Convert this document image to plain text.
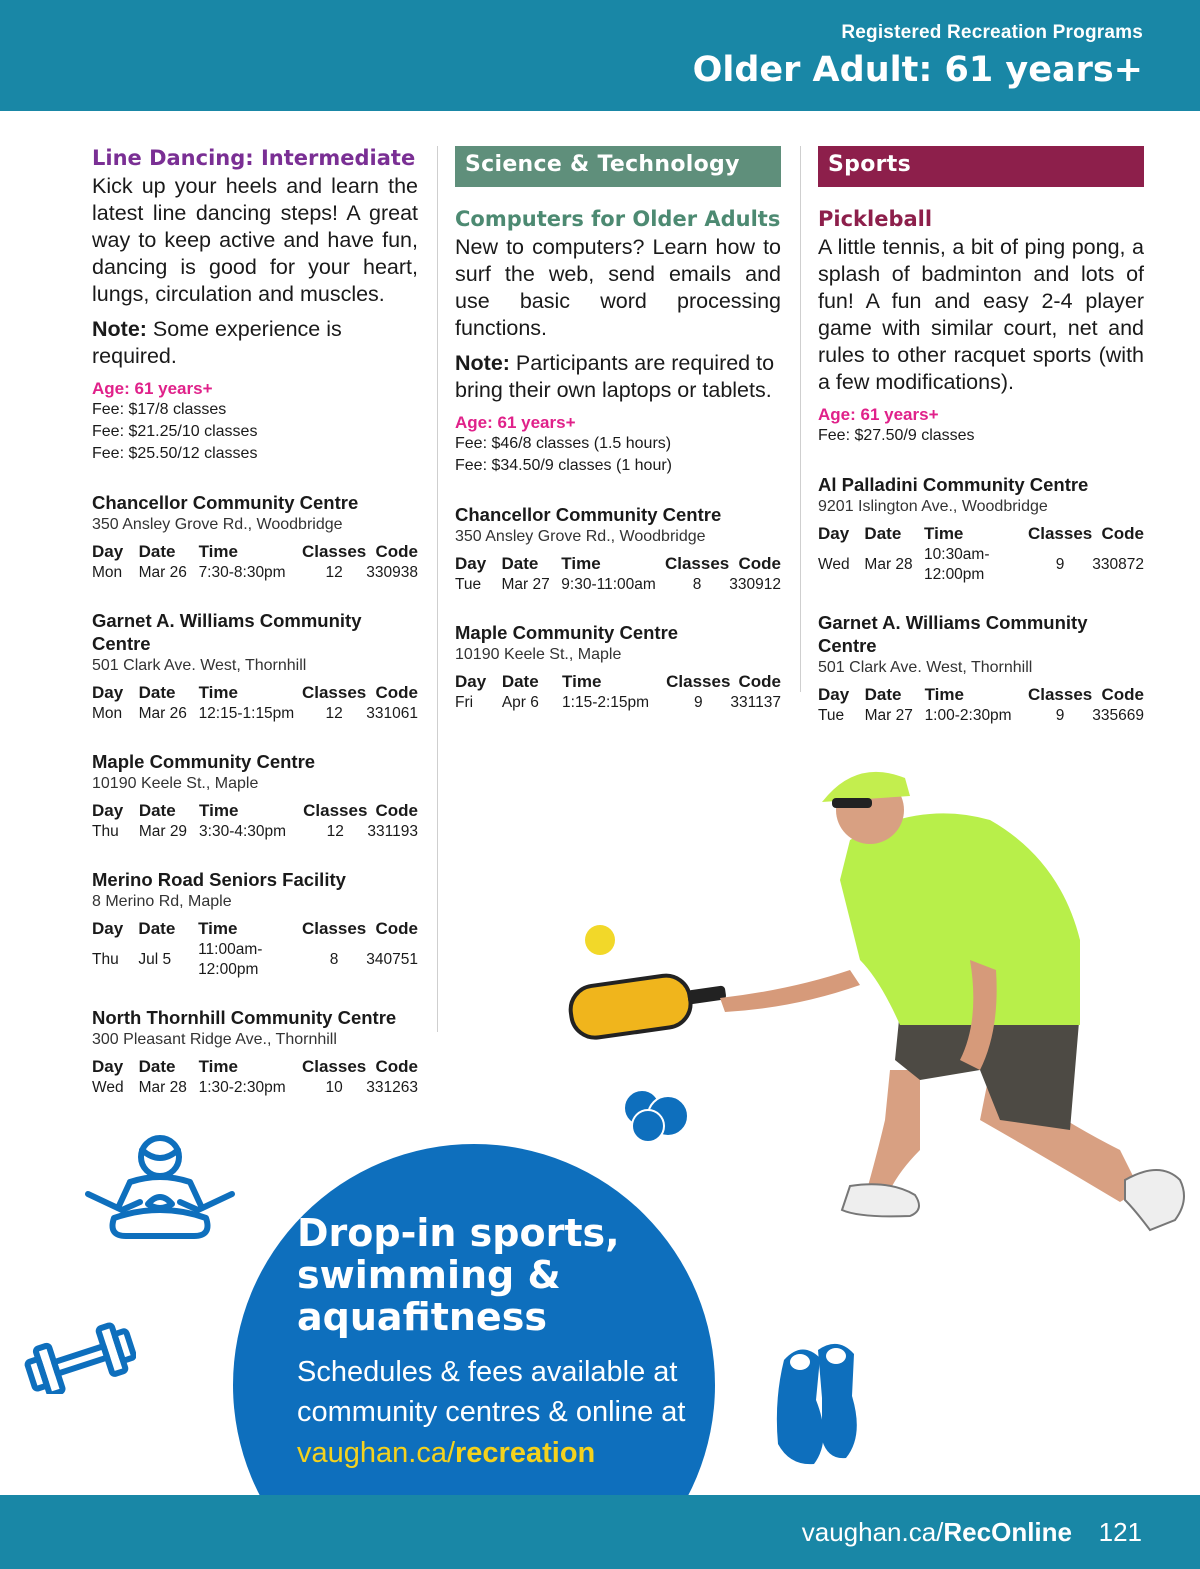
Registered Recreation Programs
Older Adult: 61 years+
Line Dancing: Intermediate
Kick up your heels and learn the latest line dancing steps! A great way to keep active and have fun, dancing is good for your heart, lungs, circulation and muscles.
Note: Some experience is required.
Age: 61 years+
Fee: $17/8 classes
Fee: $21.25/10 classes
Fee: $25.50/12 classes
Chancellor Community Centre
350 Ansley Grove Rd., Woodbridge
Day	Date	Time	Classes	Code
Mon	Mar 26	7:30-8:30pm	12	330938
Garnet A. Williams Community Centre
501 Clark Ave. West, Thornhill
Day	Date	Time	Classes	Code
Mon	Mar 26	12:15-1:15pm	12	331061
Maple Community Centre
10190 Keele St., Maple
Day	Date	Time	Classes	Code
Thu	Mar 29	3:30-4:30pm	12	331193
Merino Road Seniors Facility
8 Merino Rd, Maple
Day	Date	Time	Classes	Code
Thu	Jul 5	11:00am-12:00pm	8	340751
North Thornhill Community Centre
300 Pleasant Ridge Ave., Thornhill
Day	Date	Time	Classes	Code
Wed	Mar 28	1:30-2:30pm	10	331263
Science & Technology
Computers for Older Adults
New to computers? Learn how to surf the web, send emails and use basic word processing functions.
Note: Participants are required to bring their own laptops or tablets.
Age: 61 years+
Fee: $46/8 classes (1.5 hours)
Fee: $34.50/9 classes (1 hour)
Chancellor Community Centre
350 Ansley Grove Rd., Woodbridge
Day	Date	Time	Classes	Code
Tue	Mar 27	9:30-11:00am	8	330912
Maple Community Centre
10190 Keele St., Maple
Day	Date	Time	Classes	Code
Fri	Apr 6	1:15-2:15pm	9	331137
Sports
Pickleball
A little tennis, a bit of ping pong, a splash of badminton and lots of fun! A fun and easy 2-4 player game with similar court, net and rules to other racquet sports (with a few modifications).
Age: 61 years+
Fee: $27.50/9 classes
Al Palladini Community Centre
9201 Islington Ave., Woodbridge
Day	Date	Time	Classes	Code
Wed	Mar 28	10:30am-12:00pm	9	330872
Garnet A. Williams Community Centre
501 Clark Ave. West, Thornhill
Day	Date	Time	Classes	Code
Tue	Mar 27	1:00-2:30pm	9	335669
Drop-in sports, swimming & aquafitness
Schedules & fees available at community centres & online at
vaughan.ca/recreation
vaughan.ca/RecOnline 121
